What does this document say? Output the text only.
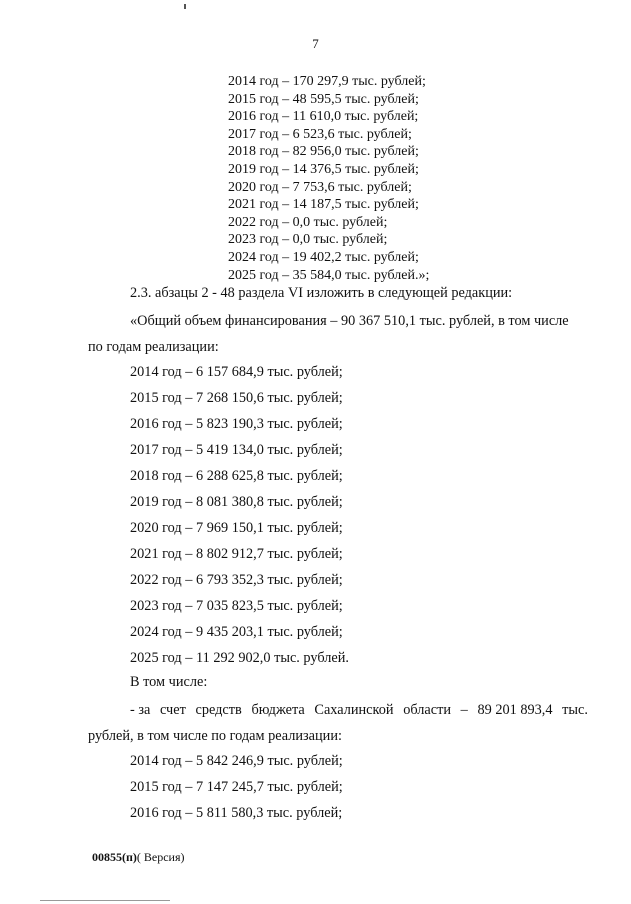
7
2014 год – 170 297,9 тыс. рублей;
2015 год – 48 595,5 тыс. рублей;
2016 год – 11 610,0 тыс. рублей;
2017 год – 6 523,6 тыс. рублей;
2018 год – 82 956,0 тыс. рублей;
2019 год – 14 376,5 тыс. рублей;
2020 год – 7 753,6 тыс. рублей;
2021 год – 14 187,5 тыс. рублей;
2022 год – 0,0 тыс. рублей;
2023 год – 0,0 тыс. рублей;
2024 год – 19 402,2 тыс. рублей;
2025 год – 35 584,0 тыс. рублей.»;
2.3. абзацы 2 - 48 раздела VI изложить в следующей редакции:
«Общий объем финансирования – 90 367 510,1 тыс. рублей, в том числе
по годам реализации:
2014 год – 6 157 684,9 тыс. рублей;
2015 год – 7 268 150,6 тыс. рублей;
2016 год – 5 823 190,3 тыс. рублей;
2017 год – 5 419 134,0 тыс. рублей;
2018 год – 6 288 625,8 тыс. рублей;
2019 год – 8 081 380,8 тыс. рублей;
2020 год – 7 969 150,1 тыс. рублей;
2021 год – 8 802 912,7 тыс. рублей;
2022 год – 6 793 352,3 тыс. рублей;
2023 год – 7 035 823,5 тыс. рублей;
2024 год – 9 435 203,1 тыс. рублей;
2025 год – 11 292 902,0 тыс. рублей.
В том числе:
- за счет средств бюджета Сахалинской области – 89 201 893,4 тыс.
рублей, в том числе по годам реализации:
2014 год – 5 842 246,9 тыс. рублей;
2015 год – 7 147 245,7 тыс. рублей;
2016 год – 5 811 580,3 тыс. рублей;
00855(п)( Версия)
